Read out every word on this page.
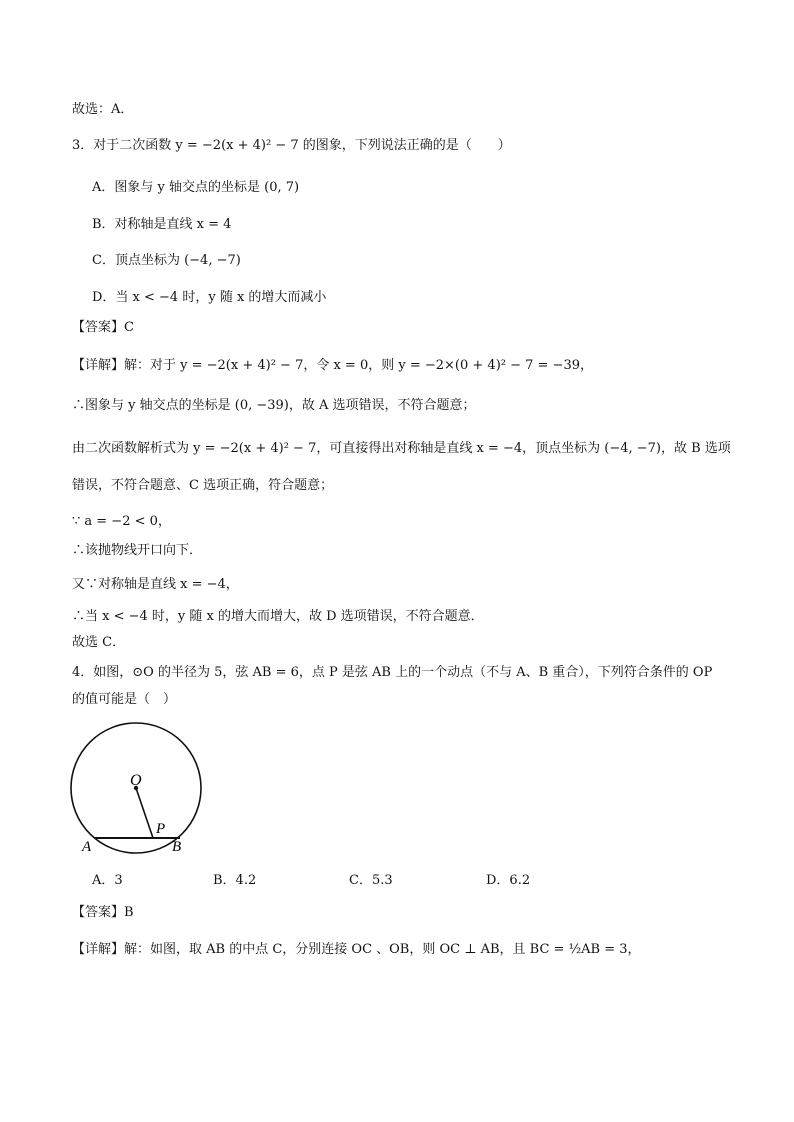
故选：A．
3．对于二次函数 y = −2(x + 4)² − 7 的图象，下列说法正确的是（　　）
A．图象与 y 轴交点的坐标是 (0, 7)
B．对称轴是直线 x = 4
C．顶点坐标为 (−4, −7)
D．当 x < −4 时，y 随 x 的增大而减小
【答案】C
【详解】解：对于 y = −2(x + 4)² − 7，令 x = 0，则 y = −2×(0 + 4)² − 7 = −39，
∴图象与 y 轴交点的坐标是 (0, −39)，故 A 选项错误，不符合题意；
由二次函数解析式为 y = −2(x + 4)² − 7，可直接得出对称轴是直线 x = −4，顶点坐标为 (−4, −7)，故 B 选项
错误，不符合题意、C 选项正确，符合题意；
∵ a = −2 < 0，
∴该抛物线开口向下．
又∵对称轴是直线 x = −4，
∴当 x < −4 时，y 随 x 的增大而增大，故 D 选项错误，不符合题意．
故选 C．
4．如图，⊙O 的半径为 5，弦 AB = 6，点 P 是弦 AB 上的一个动点（不与 A、B 重合），下列符合条件的 OP
的值可能是（　）
O
P
A	B
A．3	B．4.2	C．5.3	D．6.2
【答案】B
【详解】解：如图，取 AB 的中点 C，分别连接 OC 、OB，则 OC ⊥ AB，且 BC = ½AB = 3，
